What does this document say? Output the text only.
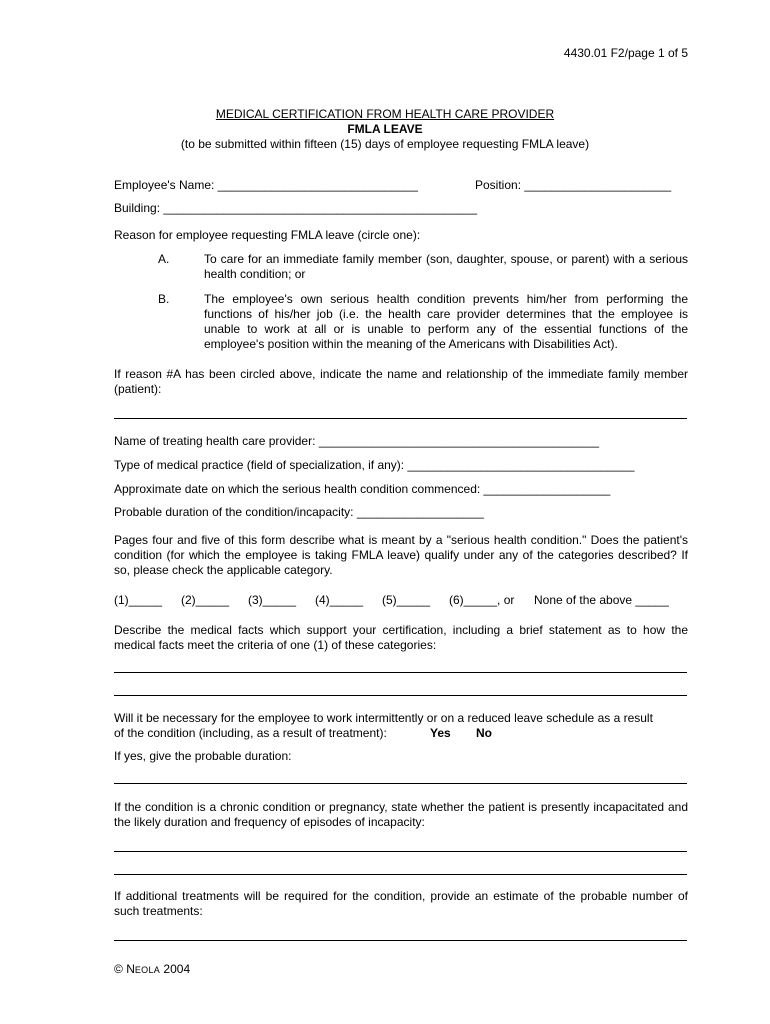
4430.01 F2/page 1 of 5
MEDICAL CERTIFICATION FROM HEALTH CARE PROVIDER
FMLA LEAVE
(to be submitted within fifteen (15) days of employee requesting FMLA leave)
Employee's Name: ______________________________	Position: ______________________
Building: _______________________________________________
Reason for employee requesting FMLA leave (circle one):
A.	To care for an immediate family member (son, daughter, spouse, or parent) with a serious health condition; or
B.	The employee's own serious health condition prevents him/her from performing the functions of his/her job (i.e. the health care provider determines that the employee is unable to work at all or is unable to perform any of the essential functions of the employee's position within the meaning of the Americans with Disabilities Act).
If reason #A has been circled above, indicate the name and relationship of the immediate family member (patient):
Name of treating health care provider: __________________________________________
Type of medical practice (field of specialization, if any): __________________________________
Approximate date on which the serious health condition commenced: ___________________
Probable duration of the condition/incapacity: ___________________
Pages four and five of this form describe what is meant by a "serious health condition." Does the patient's condition (for which the employee is taking FMLA leave) qualify under any of the categories described? If so, please check the applicable category.
(1)_____ (2)_____ (3)_____ (4)_____ (5)_____ (6)_____, or None of the above _____
Describe the medical facts which support your certification, including a brief statement as to how the medical facts meet the criteria of one (1) of these categories:
Will it be necessary for the employee to work intermittently or on a reduced leave schedule as a result
of the condition (including, as a result of treatment):	Yes No
If yes, give the probable duration:
If the condition is a chronic condition or pregnancy, state whether the patient is presently incapacitated and the likely duration and frequency of episodes of incapacity:
If additional treatments will be required for the condition, provide an estimate of the probable number of such treatments:
© NEOLA 2004
